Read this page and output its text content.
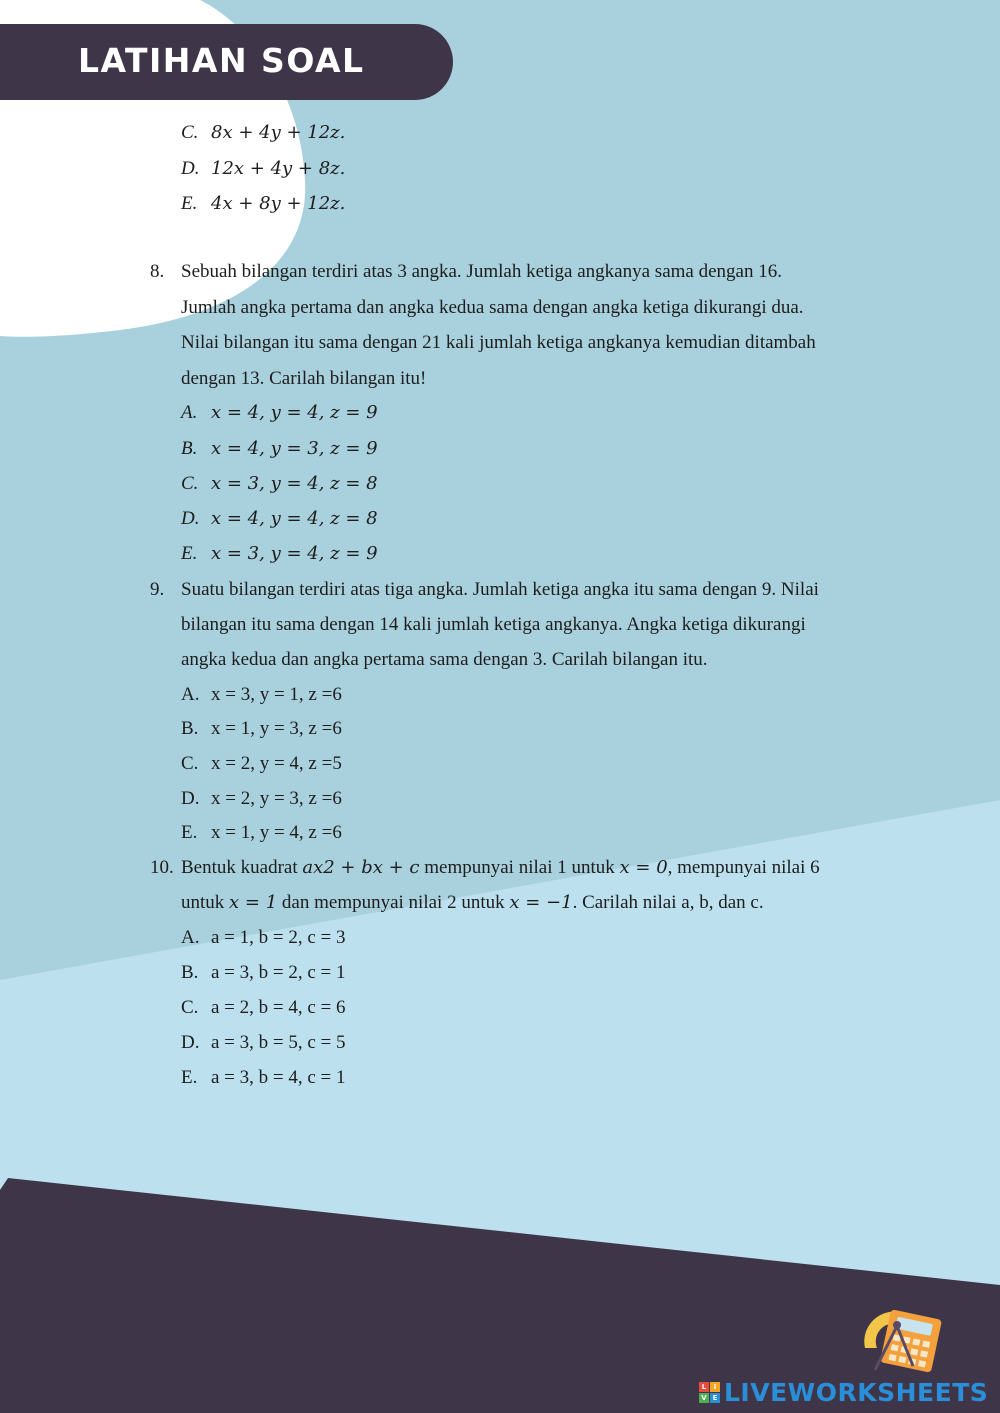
LATIHAN SOAL
C. 8x + 4y + 12z.
D. 12x + 4y + 8z.
E. 4x + 8y + 12z.
8. Sebuah bilangan terdiri atas 3 angka. Jumlah ketiga angkanya sama dengan 16.
Jumlah angka pertama dan angka kedua sama dengan angka ketiga dikurangi dua.
Nilai bilangan itu sama dengan 21 kali jumlah ketiga angkanya kemudian ditambah
dengan 13. Carilah bilangan itu!
A. x = 4, y = 4, z = 9
B. x = 4, y = 3, z = 9
C. x = 3, y = 4, z = 8
D. x = 4, y = 4, z = 8
E. x = 3, y = 4, z = 9
9. Suatu bilangan terdiri atas tiga angka. Jumlah ketiga angka itu sama dengan 9. Nilai
bilangan itu sama dengan 14 kali jumlah ketiga angkanya. Angka ketiga dikurangi
angka kedua dan angka pertama sama dengan 3. Carilah bilangan itu.
A. x = 3, y = 1, z =6
B. x = 1, y = 3, z =6
C. x = 2, y = 4, z =5
D. x = 2, y = 3, z =6
E. x = 1, y = 4, z =6
10. Bentuk kuadrat ax2 + bx + c mempunyai nilai 1 untuk x = 0, mempunyai nilai 6
untuk x = 1 dan mempunyai nilai 2 untuk x = −1. Carilah nilai a, b, dan c.
A. a = 1, b = 2, c = 3
B. a = 3, b = 2, c = 1
C. a = 2, b = 4, c = 6
D. a = 3, b = 5, c = 5
E. a = 3, b = 4, c = 1
L	I
V E LIVEWORKSHEETS
